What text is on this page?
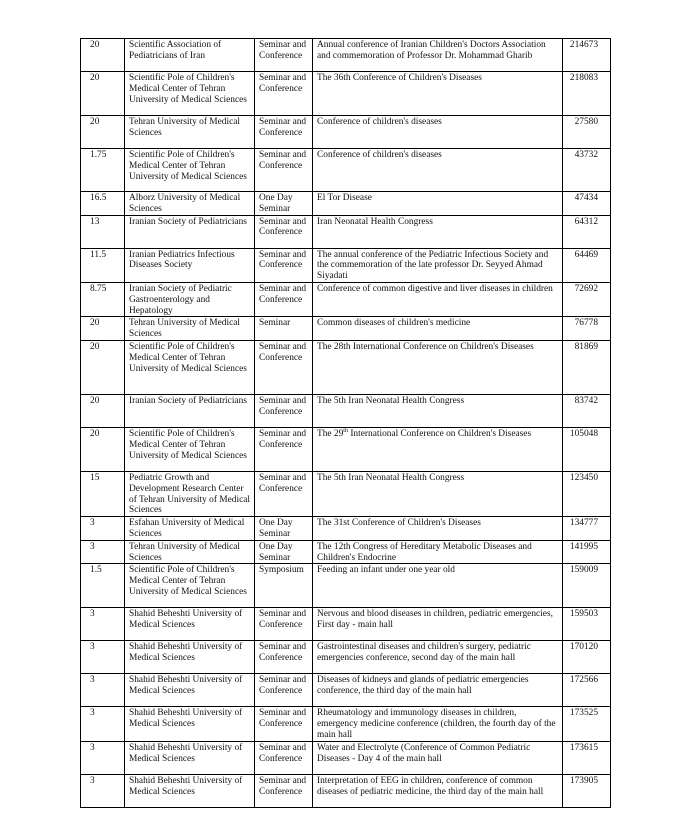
20	Scientific Association of Pediatricians of Iran	Seminar and Conference	Annual conference of Iranian Children's Doctors Association and commemoration of Professor Dr. Mohammad Gharib	214673
20	Scientific Pole of Children's Medical Center of Tehran University of Medical Sciences	Seminar and Conference	The 36th Conference of Children's Diseases	218083
20	Tehran University of Medical Sciences	Seminar and Conference	Conference of children's diseases	27580
1.75	Scientific Pole of Children's Medical Center of Tehran University of Medical Sciences	Seminar and Conference	Conference of children's diseases	43732
16.5	Alborz University of Medical Sciences	One Day Seminar	El Tor Disease	47434
13	Iranian Society of Pediatricians	Seminar and Conference	Iran Neonatal Health Congress	64312
11.5	Iranian Pediatrics Infectious Diseases Society	Seminar and Conference	The annual conference of the Pediatric Infectious Society and the commemoration of the late professor Dr. Seyyed Ahmad Siyadati	64469
8.75	Iranian Society of Pediatric Gastroenterology and Hepatology	Seminar and Conference	Conference of common digestive and liver diseases in children	72692
20	Tehran University of Medical Sciences	Seminar	Common diseases of children's medicine	76778
20	Scientific Pole of Children's Medical Center of Tehran University of Medical Sciences	Seminar and Conference	The 28th International Conference on Children's Diseases	81869
20	Iranian Society of Pediatricians	Seminar and Conference	The 5th Iran Neonatal Health Congress	83742
20	Scientific Pole of Children's Medical Center of Tehran University of Medical Sciences	Seminar and Conference	The 29th International Conference on Children's Diseases	105048
15	Pediatric Growth and Development Research Center of Tehran University of Medical Sciences	Seminar and Conference	The 5th Iran Neonatal Health Congress	123450
3	Esfahan University of Medical Sciences	One Day Seminar	The 31st Conference of Children's Diseases	134777
3	Tehran University of Medical Sciences	One Day Seminar	The 12th Congress of Hereditary Metabolic Diseases and Children's Endocrine	141995
1.5	Scientific Pole of Children's Medical Center of Tehran University of Medical Sciences	Symposium	Feeding an infant under one year old	159009
3	Shahid Beheshti University of Medical Sciences	Seminar and Conference	Nervous and blood diseases in children, pediatric emergencies, First day - main hall	159503
3	Shahid Beheshti University of Medical Sciences	Seminar and Conference	Gastrointestinal diseases and children's surgery, pediatric emergencies conference, second day of the main hall	170120
3	Shahid Beheshti University of Medical Sciences	Seminar and Conference	Diseases of kidneys and glands of pediatric emergencies conference, the third day of the main hall	172566
3	Shahid Beheshti University of Medical Sciences	Seminar and Conference	Rheumatology and immunology diseases in children, emergency medicine conference (children, the fourth day of the main hall	173525
3	Shahid Beheshti University of Medical Sciences	Seminar and Conference	Water and Electrolyte (Conference of Common Pediatric Diseases - Day 4 of the main hall	173615
3	Shahid Beheshti University of Medical Sciences	Seminar and Conference	Interpretation of EEG in children, conference of common diseases of pediatric medicine, the third day of the main hall	173905
